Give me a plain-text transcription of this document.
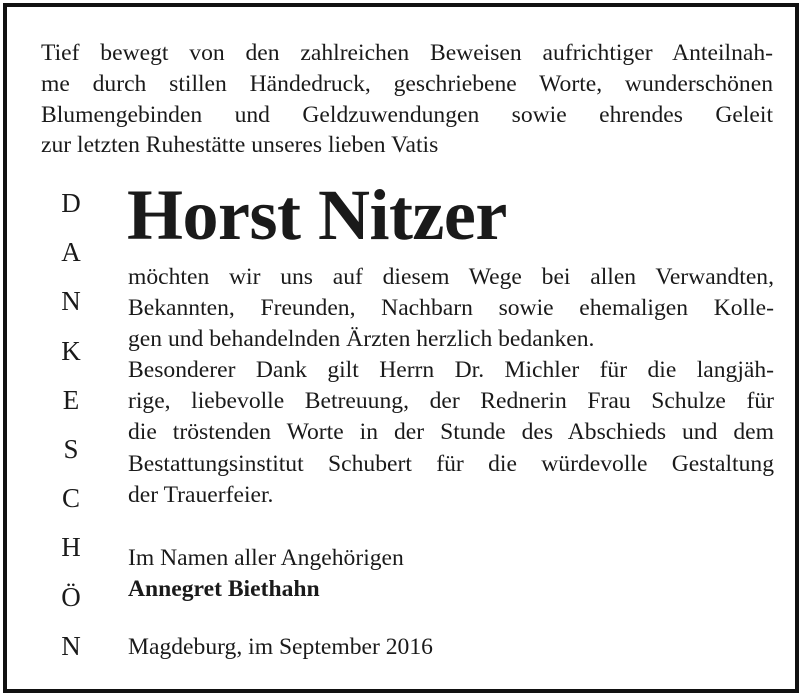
Tief bewegt von den zahlreichen Beweisen aufrichtiger Anteilnah-
me durch stillen Händedruck, geschriebene Worte, wunderschönen
Blumengebinden und Geldzuwendungen sowie ehrendes Geleit
zur letzten Ruhestätte unseres lieben Vatis

D
A
N
K
E
S
C
H
Ö
N
Horst Nitzer
möchten wir uns auf diesem Wege bei allen Verwandten,
Bekannten, Freunden, Nachbarn sowie ehemaligen Kolle-
gen und behandelnden Ärzten herzlich bedanken.
Besonderer Dank gilt Herrn Dr. Michler für die langjäh-
rige, liebevolle Betreuung, der Rednerin Frau Schulze für
die tröstenden Worte in der Stunde des Abschieds und dem
Bestattungsinstitut Schubert für die würdevolle Gestaltung
der Trauerfeier.
Im Namen aller Angehörigen
Annegret Biethahn
Magdeburg, im September 2016
